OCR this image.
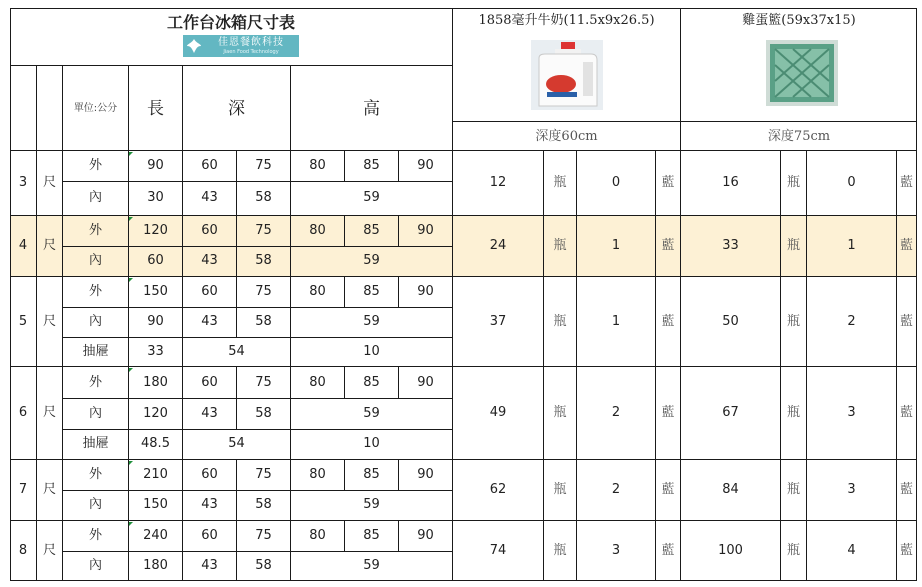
工作台冰箱尺寸表
佳恩餐飲科技
Jiaen Food Technology
單位:公分	長	深	高
1858毫升牛奶(11.5x9x26.5)	雞蛋籃(59x37x15)
深度60cm	深度75cm
3	尺
外	90	60	75	80	85	90
內	30	43	58	59
12	瓶	0	藍	16	瓶	0	藍
4	尺
外	120	60	75	80	85	90
內	60	43	58	59
24	瓶	1	藍	33	瓶	1	藍
5	尺
外	150	60	75	80	85	90
內	90	43	58	59
抽屜	33	54	10
37	瓶	1	藍	50	瓶	2	藍
6	尺
外	180	60	75	80	85	90
內	120	43	58	59
抽屜	48.5	54	10
49	瓶	2	藍	67	瓶	3	藍
7	尺
外	210	60	75	80	85	90
內	150	43	58	59
62	瓶	2	藍	84	瓶	3	藍
8	尺
外	240	60	75	80	85	90
內	180	43	58	59
74	瓶	3	藍	100	瓶	4	藍
